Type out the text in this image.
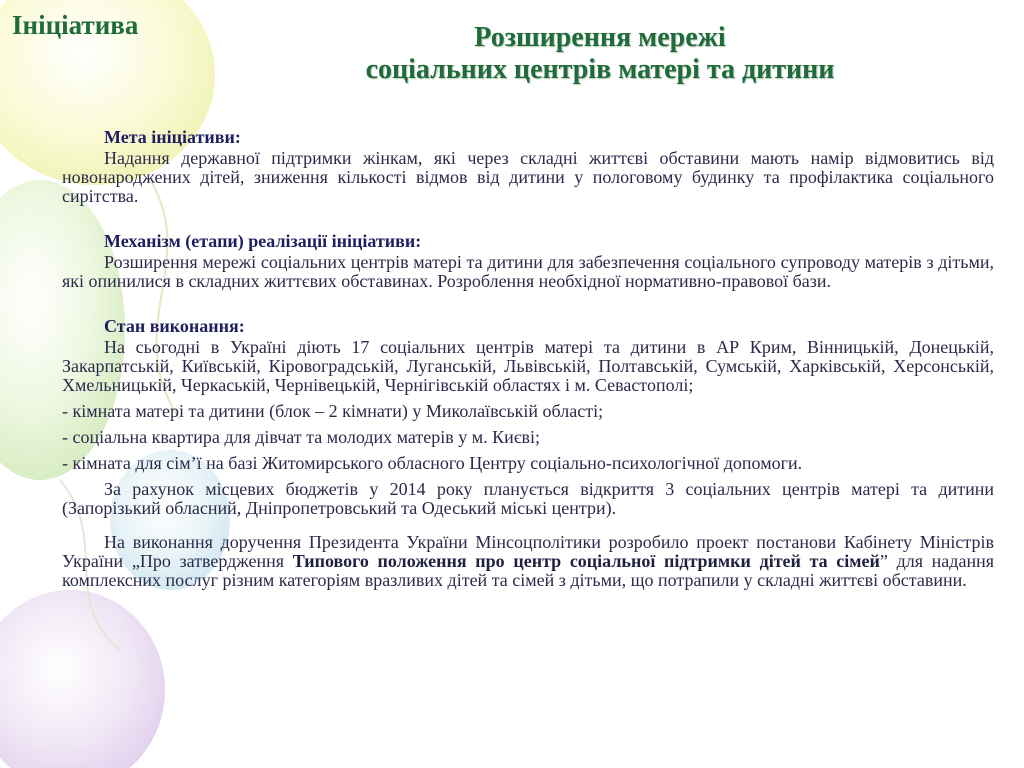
Ініціатива	Розширення мережі
соціальних центрів матері та дитини

Мета ініціативи:

Надання державної підтримки жінкам, які через складні життєві обставини мають намір відмовитись від новонароджених дітей, зниження кількості відмов від дитини у пологовому будинку та профілактика соціального сирітства.

Механізм (етапи) реалізації ініціативи:

Розширення мережі соціальних центрів матері та дитини для забезпечення соціального супроводу матерів з дітьми, які опинилися в складних життєвих обставинах. Розроблення необхідної нормативно-правової бази.

Стан виконання:

На сьогодні в Україні діють 17 соціальних центрів матері та дитини в АР Крим, Вінницькій, Донецькій, Закарпатській, Київській, Кіровоградській, Луганській, Львівській, Полтавській, Сумській, Харківській, Херсонській, Хмельницькій, Черкаській, Чернівецькій, Чернігівській областях і м. Севастополі;

- кімната матері та дитини (блок – 2 кімнати) у Миколаївській області;

- соціальна квартира для дівчат та молодих матерів у м. Києві;

- кімната для сім’ї на базі Житомирського обласного Центру соціально-психологічної допомоги.

За рахунок місцевих бюджетів у 2014 року планується відкриття 3 соціальних центрів матері та дитини (Запорізький обласний, Дніпропетровський та Одеський міські центри).

На виконання доручення Президента України Мінсоцполітики розробило проект постанови Кабінету Міністрів України „Про затвердження Типового положення про центр соціальної підтримки дітей та сімей” для надання комплексних послуг різним категоріям вразливих дітей та сімей з дітьми, що потрапили у складні життєві обставини.
